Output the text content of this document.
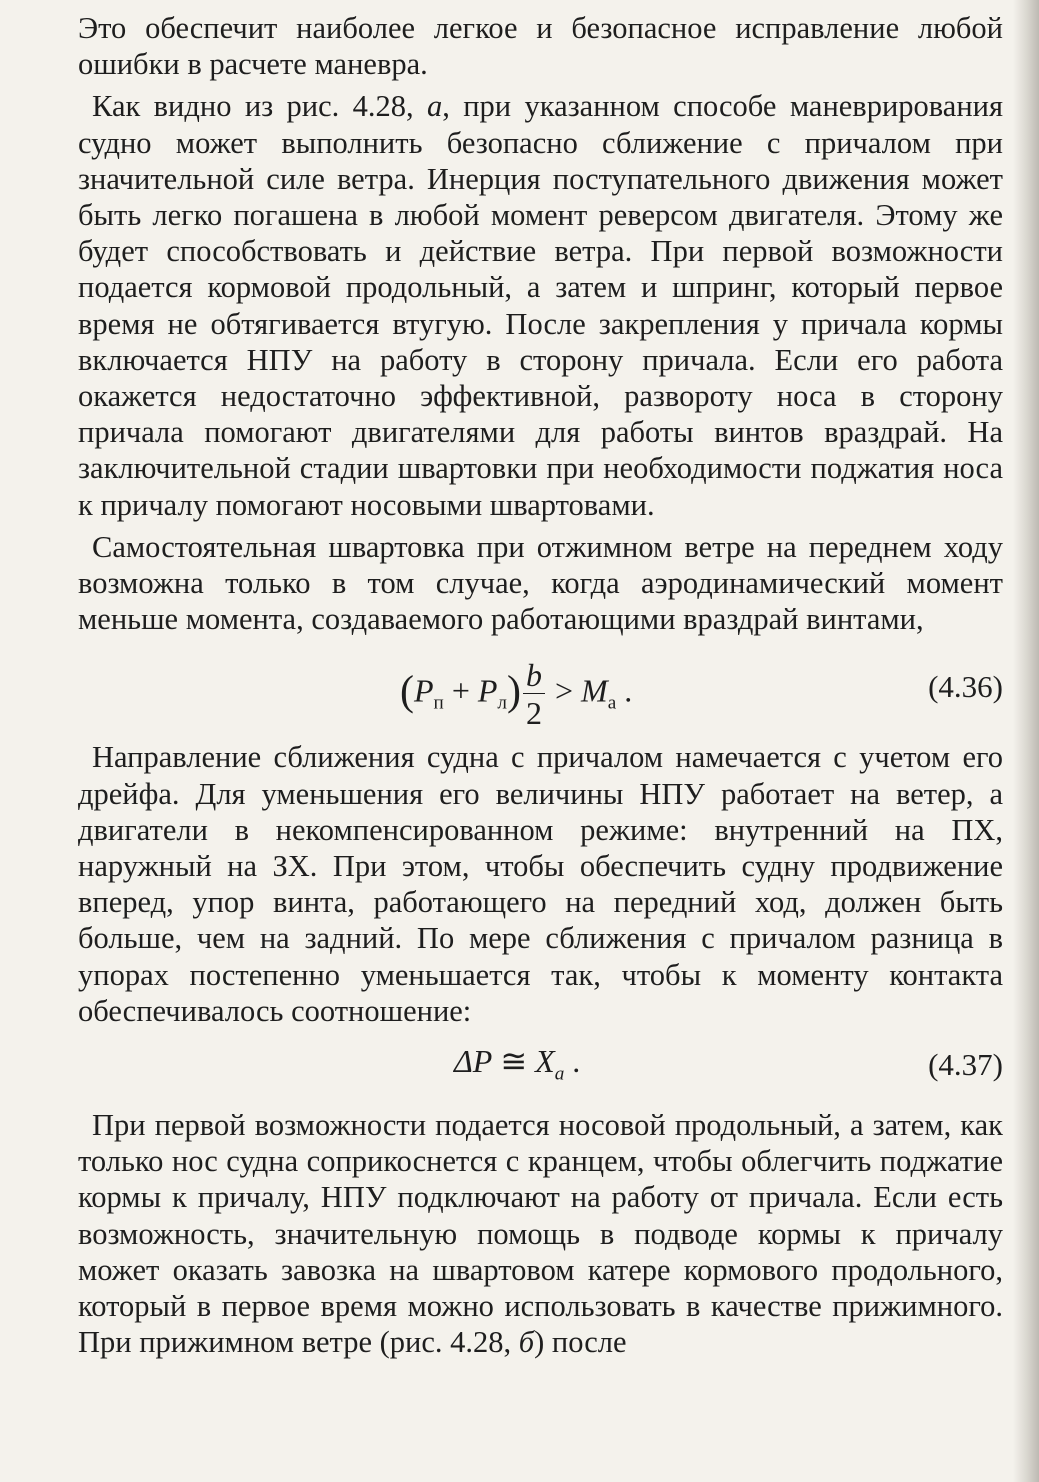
Это обеспечит наиболее легкое и безопасное исправление любой ошибки в расчете маневра.

Как видно из рис. 4.28, а, при указанном способе маневрирования судно может выполнить безопасно сближение с причалом при значительной силе ветра. Инерция поступательного движения может быть легко погашена в любой момент реверсом двигателя. Этому же будет способствовать и действие ветра. При первой возможности подается кормовой продольный, а затем и шпринг, который первое время не обтягивается втугую. После закрепления у причала кормы включается НПУ на работу в сторону причала. Если его работа окажется недостаточно эффективной, развороту носа в сторону причала помогают двигателями для работы винтов враздрай. На заключительной стадии швартовки при необходимости поджатия носа к причалу помогают носовыми швартовами.

Самостоятельная швартовка при отжимном ветре на переднем ходу возможна только в том случае, когда аэродинамический момент меньше момента, создаваемого работающими враздрай винтами,

$(P_п + P_л) \frac{b}{2} > M_а$ .	(4.36)

Направление сближения судна с причалом намечается с учетом его дрейфа. Для уменьшения его величины НПУ работает на ветер, а двигатели в некомпенсированном режиме: внутренний на ПХ, наружный на ЗХ. При этом, чтобы обеспечить судну продвижение вперед, упор винта, работающего на передний ход, должен быть больше, чем на задний. По мере сближения с причалом разница в упорах постепенно уменьшается так, чтобы к моменту контакта обеспечивалось соотношение:

ΔP ≅ $X_a$ .	(4.37)

При первой возможности подается носовой продольный, а затем, как только нос судна соприкоснется с кранцем, чтобы облегчить поджатие кормы к причалу, НПУ подключают на работу от причала. Если есть возможность, значительную помощь в подводе кормы к причалу может оказать завозка на швартовом катере кормового продольного, который в первое время можно использовать в качестве прижимного. При прижимном ветре (рис. 4.28, б) после
